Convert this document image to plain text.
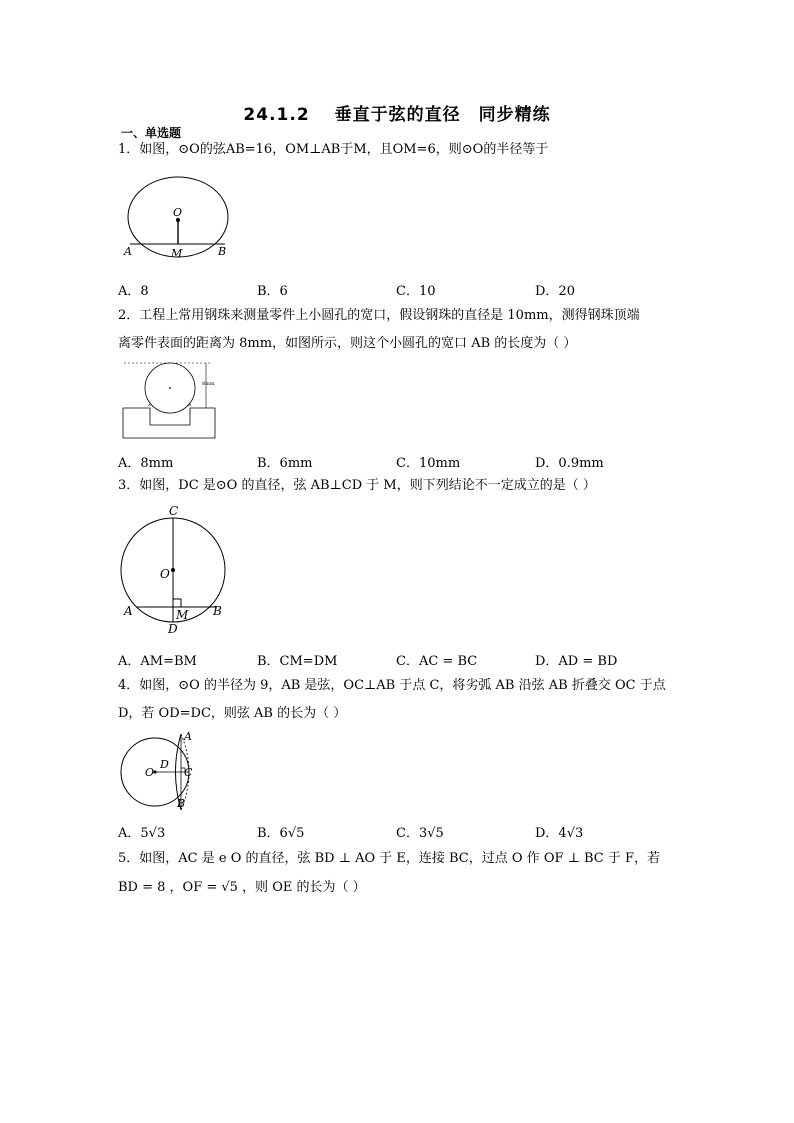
24.1.2　 垂直于弦的直径　同步精练
一、单选题
1．如图，⊙O的弦AB=16，OM⊥AB于M，且OM=6，则⊙O的半径等于
O
M
A	B
A．8	B．6	C．10	D．20
2．工程上常用钢珠来测量零件上小圆孔的宽口，假设钢珠的直径是 10mm，测得钢珠顶端
离零件表面的距离为 8mm，如图所示，则这个小圆孔的宽口 AB 的长度为（ ）
8mm
A	B
A．8mm	B．6mm	C．10mm	D．0.9mm
3．如图，DC 是⊙O 的直径，弦 AB⊥CD 于 M，则下列结论不一定成立的是（ ）
C
O
A	B
M
D
A．AM=BM	B．CM=DM	C．AC = BC	D．AD = BD
4．如图，⊙O 的半径为 9，AB 是弦，OC⊥AB 于点 C，将劣弧 AB 沿弦 AB 折叠交 OC 于点
D，若 OD=DC，则弦 AB 的长为（ ）
A
O
D
C
B
A．5√3	B．6√5	C．3√5	D．4√3
5．如图，AC 是 e O 的直径，弦 BD ⊥ AO 于 E，连接 BC，过点 O 作 OF ⊥ BC 于 F，若
BD = 8 ，OF = √5 ，则 OE 的长为（ ）
